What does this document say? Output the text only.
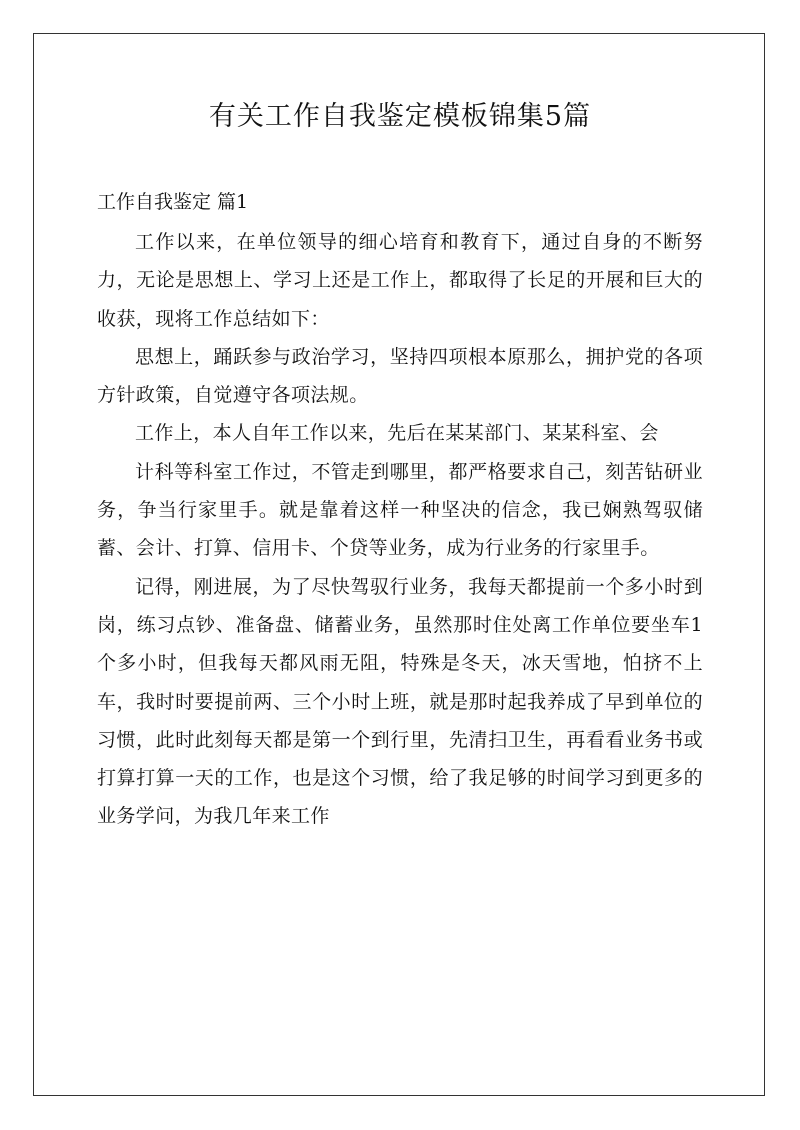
有关工作自我鉴定模板锦集5篇
工作自我鉴定 篇1

工作以来，在单位领导的细心培育和教育下，通过自身的不断努力，无论是思想上、学习上还是工作上，都取得了长足的开展和巨大的收获，现将工作总结如下：

思想上，踊跃参与政治学习，坚持四项根本原那么，拥护党的各项方针政策，自觉遵守各项法规。

工作上，本人自年工作以来，先后在某某部门、某某科室、会

计科等科室工作过，不管走到哪里，都严格要求自己，刻苦钻研业务，争当行家里手。就是靠着这样一种坚决的信念，我已娴熟驾驭储蓄、会计、打算、信用卡、个贷等业务，成为行业务的行家里手。

记得，刚进展，为了尽快驾驭行业务，我每天都提前一个多小时到岗，练习点钞、准备盘、储蓄业务，虽然那时住处离工作单位要坐车1个多小时，但我每天都风雨无阻，特殊是冬天，冰天雪地，怕挤不上车，我时时要提前两、三个小时上班，就是那时起我养成了早到单位的习惯，此时此刻每天都是第一个到行里，先清扫卫生，再看看业务书或打算打算一天的工作，也是这个习惯，给了我足够的时间学习到更多的业务学问，为我几年来工作
